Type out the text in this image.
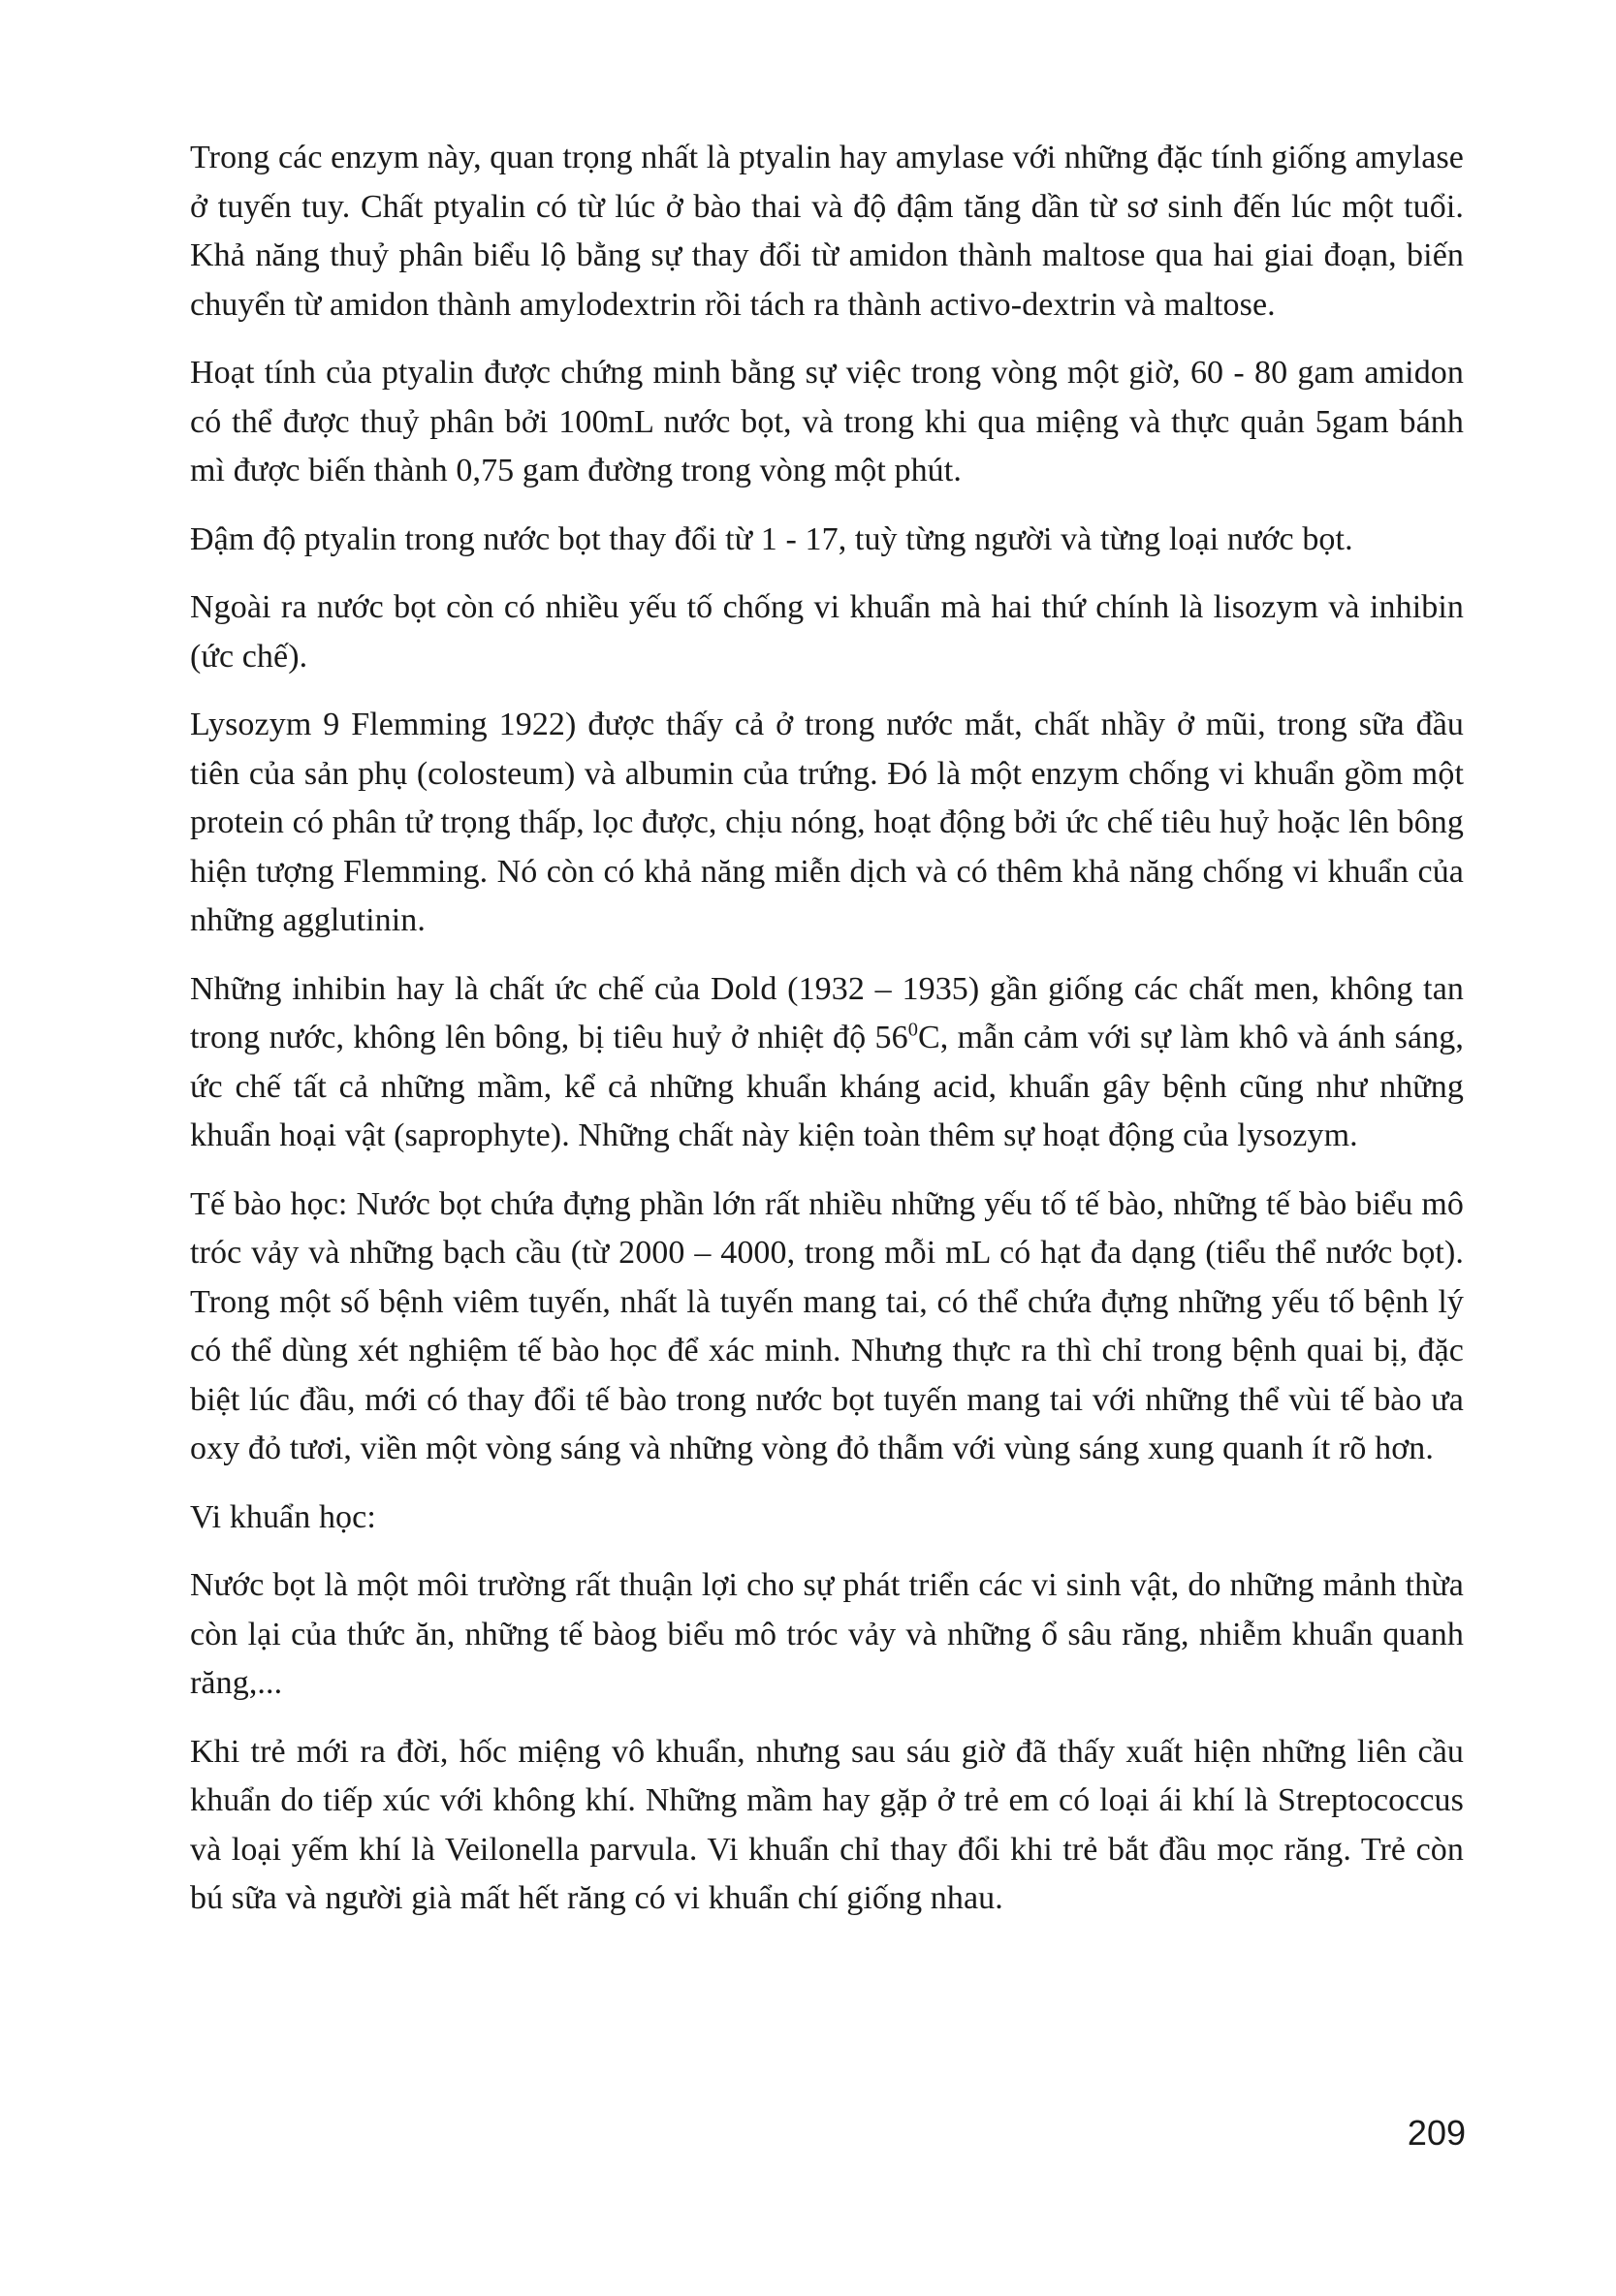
Trong các enzym này, quan trọng nhất là ptyalin hay amylase với những đặc tính giống amylase ở tuyến tuy. Chất ptyalin có từ lúc ở bào thai và độ đậm tăng dần từ sơ sinh đến lúc một tuổi. Khả năng thuỷ phân biểu lộ bằng sự thay đổi từ amidon thành maltose qua hai giai đoạn, biến chuyển từ amidon thành amylodextrin rồi tách ra thành activo-dextrin và maltose.

Hoạt tính của ptyalin được chứng minh bằng sự việc trong vòng một giờ, 60 - 80 gam amidon có thể được thuỷ phân bởi 100mL nước bọt, và trong khi qua miệng và thực quản 5gam bánh mì được biến thành 0,75 gam đường trong vòng một phút.

Đậm độ ptyalin trong nước bọt thay đổi từ 1 - 17, tuỳ từng người và từng loại nước bọt.

Ngoài ra nước bọt còn có nhiều yếu tố chống vi khuẩn mà hai thứ chính là lisozym và inhibin (ức chế).

Lysozym 9 Flemming 1922) được thấy cả ở trong nước mắt, chất nhầy ở mũi, trong sữa đầu tiên của sản phụ (colosteum) và albumin của trứng. Đó là một enzym chống vi khuẩn gồm một protein có phân tử trọng thấp, lọc được, chịu nóng, hoạt động bởi ức chế tiêu huỷ hoặc lên bông hiện tượng Flemming. Nó còn có khả năng miễn dịch và có thêm khả năng chống vi khuẩn của những agglutinin.

Những inhibin hay là chất ức chế của Dold (1932 – 1935) gần giống các chất men, không tan trong nước, không lên bông, bị tiêu huỷ ở nhiệt độ $56^0C$, mẫn cảm với sự làm khô và ánh sáng, ức chế tất cả những mầm, kể cả những khuẩn kháng acid, khuẩn gây bệnh cũng như những khuẩn hoại vật (saprophyte). Những chất này kiện toàn thêm sự hoạt động của lysozym.

Tế bào học: Nước bọt chứa đựng phần lớn rất nhiều những yếu tố tế bào, những tế bào biểu mô tróc vảy và những bạch cầu (từ 2000 – 4000, trong mỗi mL có hạt đa dạng (tiểu thể nước bọt). Trong một số bệnh viêm tuyến, nhất là tuyến mang tai, có thể chứa đựng những yếu tố bệnh lý có thể dùng xét nghiệm tế bào học để xác minh. Nhưng thực ra thì chỉ trong bệnh quai bị, đặc biệt lúc đầu, mới có thay đổi tế bào trong nước bọt tuyến mang tai với những thể vùi tế bào ưa oxy đỏ tươi, viền một vòng sáng và những vòng đỏ thẫm với vùng sáng xung quanh ít rõ hơn.

Vi khuẩn học:

Nước bọt là một môi trường rất thuận lợi cho sự phát triển các vi sinh vật, do những mảnh thừa còn lại của thức ăn, những tế bàog biểu mô tróc vảy và những ổ sâu răng, nhiễm khuẩn quanh răng,...

Khi trẻ mới ra đời, hốc miệng vô khuẩn, nhưng sau sáu giờ đã thấy xuất hiện những liên cầu khuẩn do tiếp xúc với không khí. Những mầm hay gặp ở trẻ em có loại ái khí là Streptococcus và loại yếm khí là Veilonella parvula. Vi khuẩn chỉ thay đổi khi trẻ bắt đầu mọc răng. Trẻ còn bú sữa và người già mất hết răng có vi khuẩn chí giống nhau.

209
